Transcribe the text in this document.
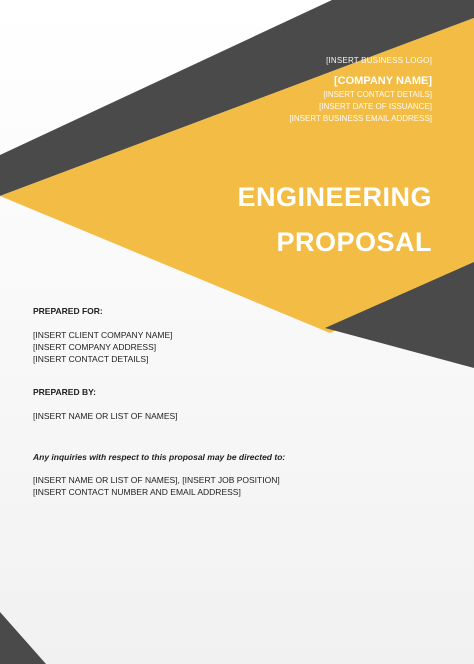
[INSERT BUSINESS LOGO]
[COMPANY NAME]
[INSERT CONTACT DETAILS]
[INSERT DATE OF ISSUANCE]
[INSERT BUSINESS EMAIL ADDRESS]
ENGINEERING
PROPOSAL
PREPARED FOR:
[INSERT CLIENT COMPANY NAME]
[INSERT COMPANY ADDRESS]
[INSERT CONTACT DETAILS]
PREPARED BY:
[INSERT NAME OR LIST OF NAMES]
Any inquiries with respect to this proposal may be directed to:
[INSERT NAME OR LIST OF NAMES], [INSERT JOB POSITION]
[INSERT CONTACT NUMBER AND EMAIL ADDRESS]
